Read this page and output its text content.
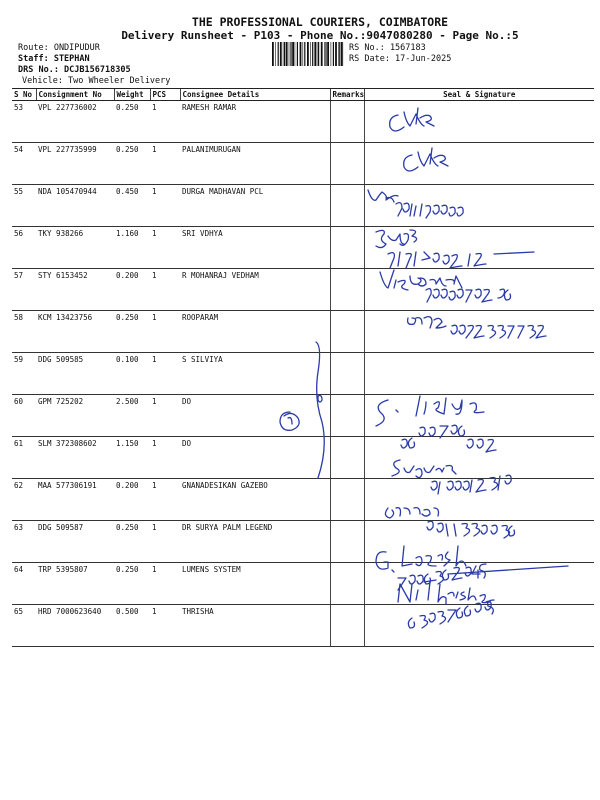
THE PROFESSIONAL COURIERS, COIMBATORE
Delivery Runsheet - P103 - Phone No.:9047080280 - Page No.:5
Route: ONDIPUDUR
Staff: STEPHAN
DRS No.: DCJB156718305
Vehicle: Two Wheeler Delivery
RS No.: 1567183
RS Date: 17-Jun-2025
S No	Consignment No	Weight	PCS	Consignee Details	Remarks	Seal & Signature
53	VPL 227736002	0.250	1	RAMESH RAMAR		
54	VPL 227735999	0.250	1	PALANIMURUGAN		
55	NDA 105470944	0.450	1	DURGA MADHAVAN PCL		
56	TKY 938266	1.160	1	SRI VDHYA		
57	STY 6153452	0.200	1	R MOHANRAJ VEDHAM		
58	KCM 13423756	0.250	1	ROOPARAM		
59	DDG 509585	0.100	1	S SILVIYA		
60	GPM 725202	2.500	1	DO		
61	SLM 372308602	1.150	1	DO		
62	MAA 577306191	0.200	1	GNANADESIKAN GAZEBO		
63	DDG 509587	0.250	1	DR SURYA PALM LEGEND		
64	TRP 5395807	0.250	1	LUMENS SYSTEM		
65	HRD 7000623640	0.500	1	THRISHA		
